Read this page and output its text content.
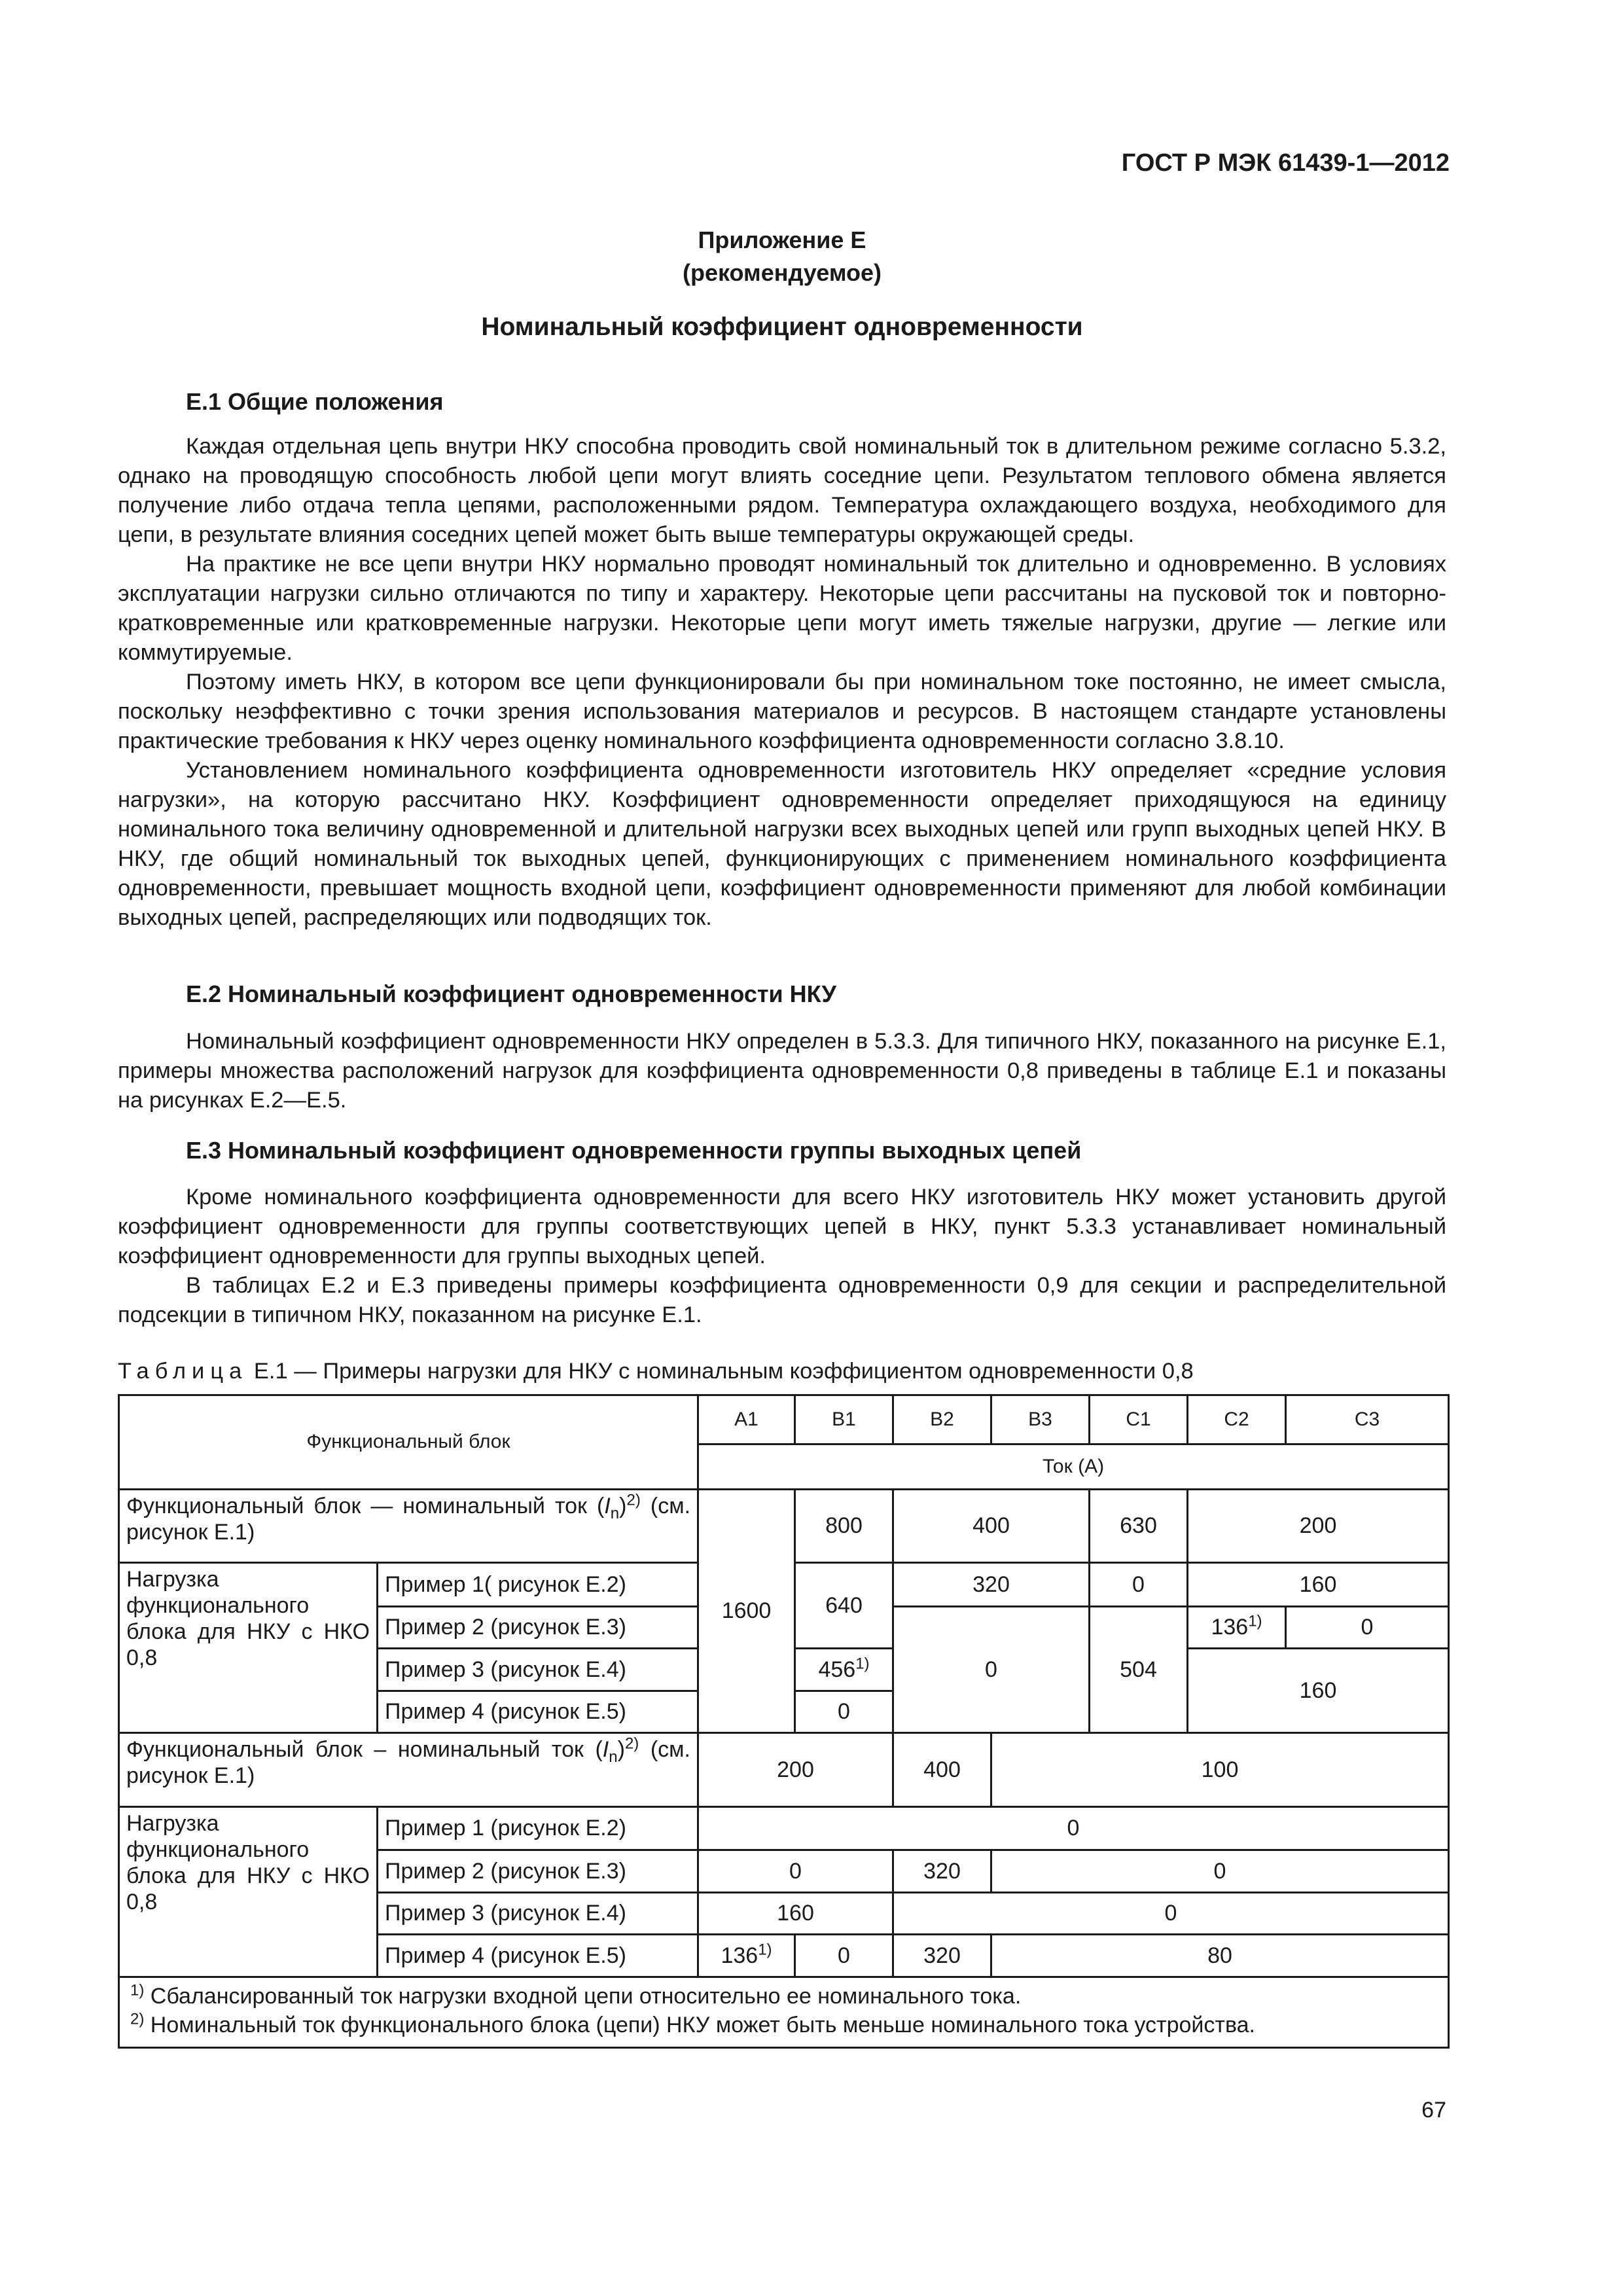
ГОСТ Р МЭК 61439-1—2012
Приложение Е
(рекомендуемое)
Номинальный коэффициент одновременности
Е.1 Общие положения

Каждая отдельная цепь внутри НКУ способна проводить свой номинальный ток в длительном режиме согласно 5.3.2, однако на проводящую способность любой цепи могут влиять соседние цепи. Результатом теплового обмена является получение либо отдача тепла цепями, расположенными рядом. Температура охлаждающего воздуха, необходимого для цепи, в результате влияния соседних цепей может быть выше температуры окружающей среды.

На практике не все цепи внутри НКУ нормально проводят номинальный ток длительно и одновременно. В условиях эксплуатации нагрузки сильно отличаются по типу и характеру. Некоторые цепи рассчитаны на пусковой ток и повторно-кратковременные или кратковременные нагрузки. Некоторые цепи могут иметь тяжелые нагрузки, другие — легкие или коммутируемые.

Поэтому иметь НКУ, в котором все цепи функционировали бы при номинальном токе постоянно, не имеет смысла, поскольку неэффективно с точки зрения использования материалов и ресурсов. В настоящем стандарте установлены практические требования к НКУ через оценку номинального коэффициента одновременности согласно 3.8.10.

Установлением номинального коэффициента одновременности изготовитель НКУ определяет «средние условия нагрузки», на которую рассчитано НКУ. Коэффициент одновременности определяет приходящуюся на единицу номинального тока величину одновременной и длительной нагрузки всех выходных цепей или групп выходных цепей НКУ. В НКУ, где общий номинальный ток выходных цепей, функционирующих с применением номинального коэффициента одновременности, превышает мощность входной цепи, коэффициент одновременности применяют для любой комбинации выходных цепей, распределяющих или подводящих ток.

Е.2 Номинальный коэффициент одновременности НКУ

Номинальный коэффициент одновременности НКУ определен в 5.3.3. Для типичного НКУ, показанного на рисунке Е.1, примеры множества расположений нагрузок для коэффициента одновременности 0,8 приведены в таблице Е.1 и показаны на рисунках Е.2—Е.5.

Е.3 Номинальный коэффициент одновременности группы выходных цепей

Кроме номинального коэффициента одновременности для всего НКУ изготовитель НКУ может установить другой коэффициент одновременности для группы соответствующих цепей в НКУ, пункт 5.3.3 устанавливает номинальный коэффициент одновременности для группы выходных цепей.

В таблицах Е.2 и Е.3 приведены примеры коэффициента одновременности 0,9 для секции и распределительной подсекции в типичном НКУ, показанном на рисунке Е.1.

Таблица Е.1 — Примеры нагрузки для НКУ с номинальным коэффициентом одновременности 0,8
Функциональный блок		А1	В1	В2	В3	С1	С2	С3
		Ток (А)						
Функциональный блок — номинальный ток $(I_n)^{2)}$ (см. рисунок Е.1)		1600	800	400		630	200	
Нагрузка функционального блока для НКУ с НКО 0,8	Пример 1( рисунок Е.2)		640	320		0	160	
	Пример 2 (рисунок Е.3)			0		504	136$^{1)}$	0
	Пример 3 (рисунок Е.4)		456$^{1)}$				160	
	Пример 4 (рисунок Е.5)		0					
Функциональный блок – номинальный ток $(I_n)^{2)}$ (см. рисунок Е.1)		200		400	100			
Нагрузка функционального блока для НКУ с НКО 0,8	Пример 1 (рисунок Е.2)	0						
	Пример 2 (рисунок Е.3)	0		320	0			
	Пример 3 (рисунок Е.4)	160		0				
	Пример 4 (рисунок Е.5)	136$^{1)}$	0	320	80			

$^{1)}$ Сбалансированный ток нагрузки входной цепи относительно ее номинального тока.
$^{2)}$ Номинальный ток функционального блока (цепи) НКУ может быть меньше номинального тока устройства.								
67
